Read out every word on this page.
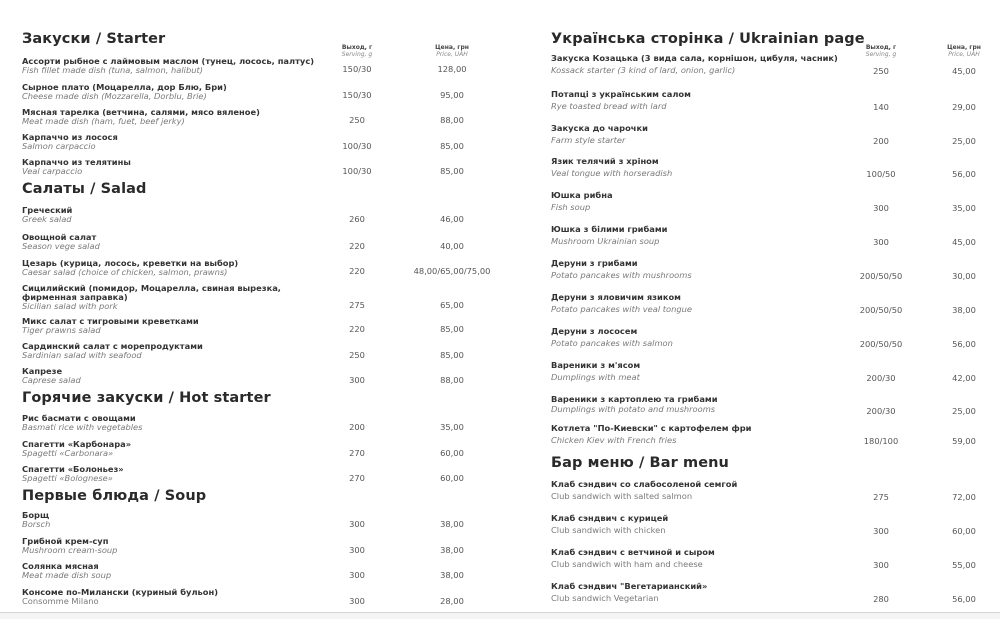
Выход, г
Serving, g
Цена, грн
Price, UAH
Закуски / Starter
Ассорти рыбное с лаймовым маслом (тунец, лосось, палтус)
Fish fillet made dish (tuna, salmon, halibut)	150/30	128,00
Сырное плато (Моцарелла, дор Блю, Бри)
Cheese made dish (Mozzarella, Dorblu, Brie)	150/30	95,00
Мясная тарелка (ветчина, салями, мясо вяленое)
Meat made dish (ham, fuet, beef jerky)	250	88,00
Карпаччо из лосося
Salmon carpaccio	100/30	85,00
Карпаччо из телятины
Veal carpaccio	100/30	85,00
Салаты / Salad
Греческий
Greek salad	260	46,00
Овощной салат
Season vege salad	220	40,00
Цезарь (курица, лосось, креветки на выбор)
Caesar salad (choice of chicken, salmon, prawns)	220	48,00/65,00/75,00
Сицилийский (помидор, Моцарелла, свиная вырезка,
фирменная заправка)
Sicilian salad with pork	275	65,00
Микс салат с тигровыми креветками
Tiger prawns salad	220	85,00
Сардинский салат с морепродуктами
Sardinian salad with seafood	250	85,00
Капрезе
Caprese salad	300	88,00
Горячие закуски / Hot starter
Рис басмати с овощами
Basmati rice with vegetables	200	35,00
Спагетти «Карбонара»
Spagetti «Carbonara»	270	60,00
Спагетти «Болоньез»
Spagetti «Bolognese»	270	60,00
Первые блюда / Soup
Борщ
Borsch	300	38,00
Грибной крем-суп
Mushroom cream-soup	300	38,00
Солянка мясная
Meat made dish soup	300	38,00
Консоме по-Милански (куриный бульон)
Consomme Milano	300	28,00
Выход, г
Serving, g
Цена, грн
Price, UAH
Українська сторінка / Ukrainian page
Закуска Козацька (3 вида сала, корнішон, цибуля, часник)
Kossack starter (3 kind of lard, onion, garlic)	250	45,00
Потапці з українським салом
Rye toasted bread with lard	140	29,00
Закуска до чарочки
Farm style starter	200	25,00
Язик телячий з хріном
Veal tongue with horseradish	100/50	56,00
Юшка рибна
Fish soup	300	35,00
Юшка з білими грибами
Mushroom Ukrainian soup	300	45,00
Деруни з грибами
Potato pancakes with mushrooms	200/50/50	30,00
Деруни з яловичим язиком
Potato pancakes with veal tongue	200/50/50	38,00
Деруни з лососем
Potato pancakes with salmon	200/50/50	56,00
Вареники з м'ясом
Dumplings with meat	200/30	42,00
Вареники з картоплею та грибами
Dumplings with potato and mushrooms	200/30	25,00
Котлета "По-Киевски" с картофелем фри
Chicken Kiev with French fries	180/100	59,00
Бар меню / Bar menu
Клаб сэндвич со слабосоленой семгой
Club sandwich with salted salmon	275	72,00
Клаб сэндвич с курицей
Club sandwich with chicken	300	60,00
Клаб сэндвич с ветчиной и сыром
Club sandwich with ham and cheese	300	55,00
Клаб сэндвич "Вегетарианский»
Club sandwich Vegetarian	280	56,00
